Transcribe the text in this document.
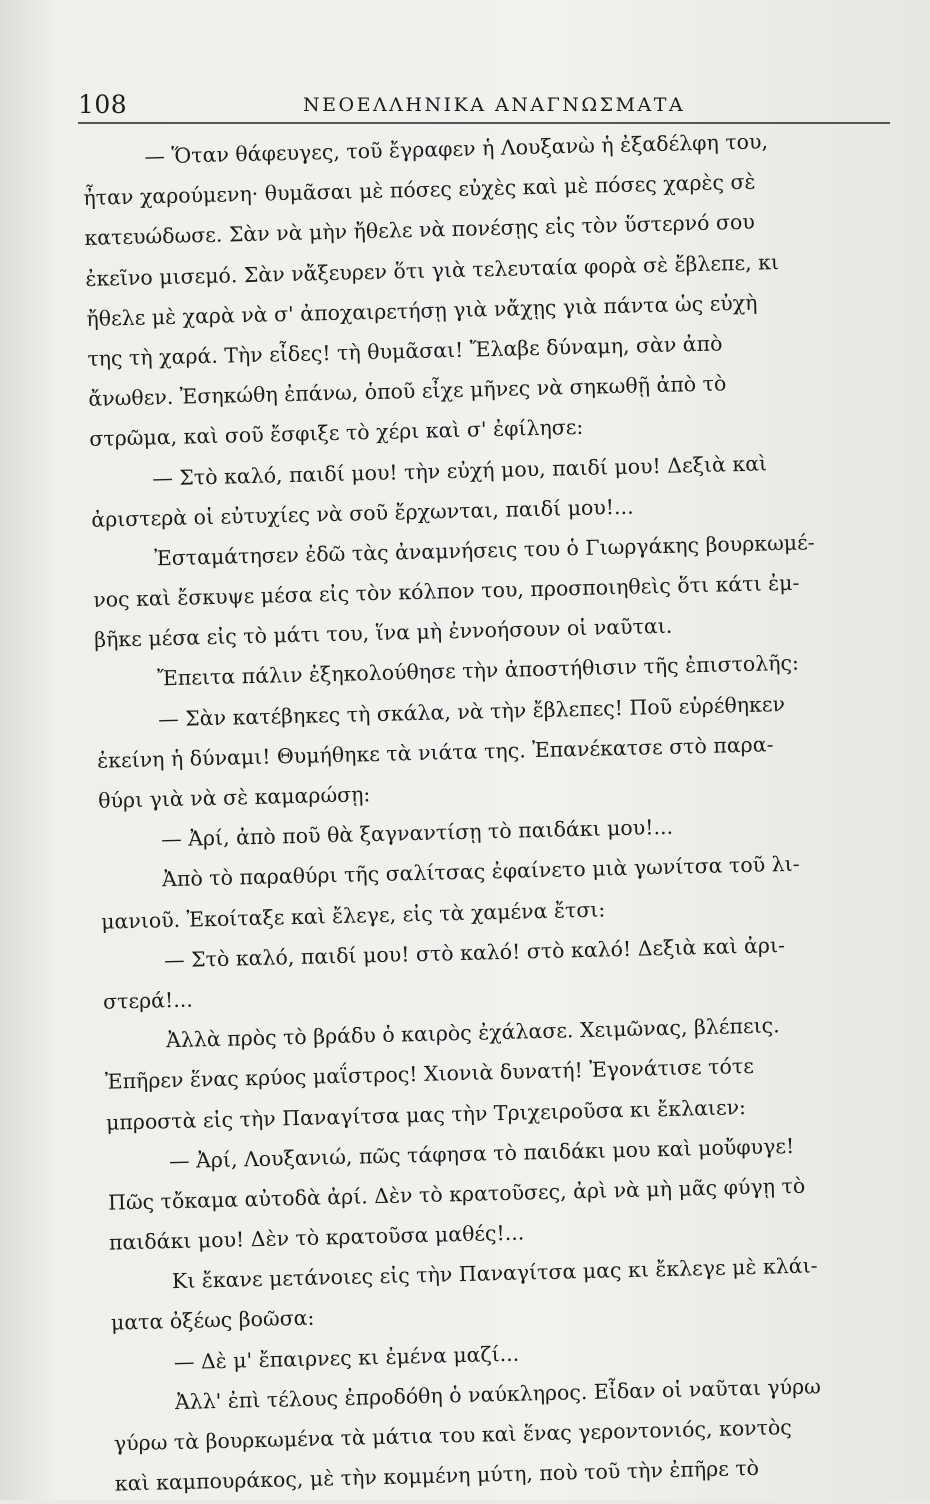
108	ΝΕΟΕΛΛΗΝΙΚΑ ΑΝΑΓΝΩΣΜΑΤΑ
— Ὅταν θάφευγες, τοῦ ἔγραφεν ἡ Λουξανὼ ἡ ἐξαδέλφη του,
ἦταν χαρούμενη· θυμᾶσαι μὲ πόσες εὐχὲς καὶ μὲ πόσες χαρὲς σὲ
κατευώδωσε. Σὰν νὰ μὴν ἤθελε νὰ πονέσῃς εἰς τὸν ὕστερνό σου
ἐκεῖνο μισεμό. Σὰν νἄξευρεν ὅτι γιὰ τελευταία φορὰ σὲ ἔβλεπε, κι
ἤθελε μὲ χαρὰ νὰ σ' ἀποχαιρετήσῃ γιὰ νἄχῃς γιὰ πάντα ὡς εὐχὴ
της τὴ χαρά. Τὴν εἶδες! τὴ θυμᾶσαι! Ἔλαβε δύναμη, σὰν ἀπὸ
ἄνωθεν. Ἐσηκώθη ἐπάνω, ὁποῦ εἶχε μῆνες νὰ σηκωθῇ ἀπὸ τὸ
στρῶμα, καὶ σοῦ ἔσφιξε τὸ χέρι καὶ σ' ἐφίλησε:
— Στὸ καλό, παιδί μου! τὴν εὐχή μου, παιδί μου! Δεξιὰ καὶ
ἀριστερὰ οἱ εὐτυχίες νὰ σοῦ ἔρχωνται, παιδί μου!...
Ἐσταμάτησεν ἐδῶ τὰς ἀναμνήσεις του ὁ Γιωργάκης βουρκωμέ-
νος καὶ ἔσκυψε μέσα εἰς τὸν κόλπον του, προσποιηθεὶς ὅτι κάτι ἐμ-
βῆκε μέσα εἰς τὸ μάτι του, ἵνα μὴ ἐννοήσουν οἱ ναῦται.
Ἔπειτα πάλιν ἐξηκολούθησε τὴν ἀποστήθισιν τῆς ἐπιστολῆς:
— Σὰν κατέβηκες τὴ σκάλα, νὰ τὴν ἔβλεπες! Ποῦ εὑρέθηκεν
ἐκείνη ἡ δύναμι! Θυμήθηκε τὰ νιάτα της. Ἐπανέκατσε στὸ παρα-
θύρι γιὰ νὰ σὲ καμαρώσῃ:
— Ἀρί, ἀπὸ ποῦ θὰ ξαγναντίσῃ τὸ παιδάκι μου!...
Ἀπὸ τὸ παραθύρι τῆς σαλίτσας ἐφαίνετο μιὰ γωνίτσα τοῦ λι-
μανιοῦ. Ἐκοίταξε καὶ ἔλεγε, εἰς τὰ χαμένα ἔτσι:
— Στὸ καλό, παιδί μου! στὸ καλό! στὸ καλό! Δεξιὰ καὶ ἀρι-
στερά!...
Ἀλλὰ πρὸς τὸ βράδυ ὁ καιρὸς ἐχάλασε. Χειμῶνας, βλέπεις.
Ἐπῆρεν ἕνας κρύος μαΐστρος! Χιονιὰ δυνατή! Ἐγονάτισε τότε
μπροστὰ εἰς τὴν Παναγίτσα μας τὴν Τριχειροῦσα κι ἔκλαιεν:
— Ἀρί, Λουξανιώ, πῶς τάφησα τὸ παιδάκι μου καὶ μοὔφυγε!
Πῶς τὄκαμα αὐτοδὰ ἀρί. Δὲν τὸ κρατοῦσες, ἀρὶ νὰ μὴ μᾶς φύγῃ τὸ
παιδάκι μου! Δὲν τὸ κρατοῦσα μαθές!...
Κι ἔκανε μετάνοιες εἰς τὴν Παναγίτσα μας κι ἔκλεγε μὲ κλάι-
ματα ὀξέως βοῶσα:
— Δὲ μ' ἔπαιρνες κι ἐμένα μαζί...
Ἀλλ' ἐπὶ τέλους ἐπροδόθη ὁ ναύκληρος. Εἶδαν οἱ ναῦται γύρω
γύρω τὰ βουρκωμένα τὰ μάτια του καὶ ἕνας γεροντονιός, κοντὸς
καὶ καμπουράκος, μὲ τὴν κομμένη μύτη, ποὺ τοῦ τὴν ἐπῆρε τὸ
